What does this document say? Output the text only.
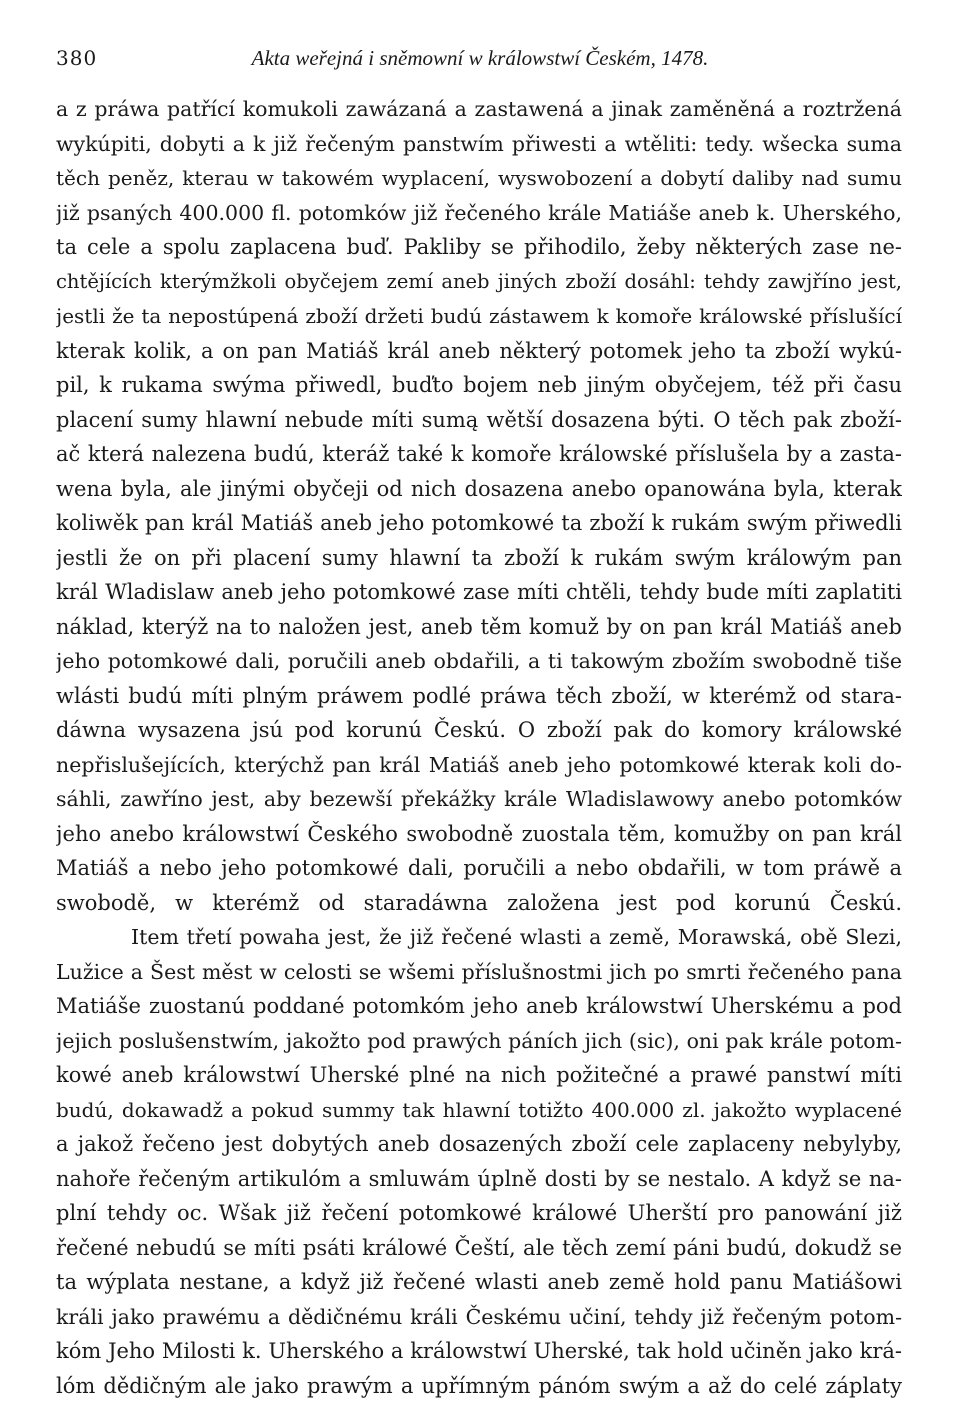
380	Akta weřejná i sněmowní w králowstwí Českém, 1478.
a z práwa patřící komukoli zawázaná a zastawená a jinak zaměněná a roztržená
wykúpiti, dobyti a k již řečeným panstwím přiwesti a wtěliti: tedy. wšecka suma
těch peněz, kterau w takowém wyplacení, wyswobození a dobytí daliby nad sumu
již psaných 400.000 fl. potomków již řečeného krále Matiáše aneb k. Uherského,
ta cele a spolu zaplacena buď. Pakliby se přihodilo, žeby některých zase ne-
chtějících kterýmžkoli obyčejem zemí aneb jiných zboží dosáhl: tehdy zawjříno jest,
jestli že ta nepostúpená zboží držeti budú zástawem k komoře králowské příslušící
kterak kolik, a on pan Matiáš král aneb některý potomek jeho ta zboží wykú-
pil, k rukama swýma přiwedl, buďto bojem neb jiným obyčejem, též při času
placení sumy hlawní nebude míti sumą wětší dosazena býti. O těch pak zboží-
ač která nalezena budú, kteráž také k komoře králowské příslušela by a zasta-
wena byla, ale jinými obyčeji od nich dosazena anebo opanowána byla, kterak
koliwěk pan král Matiáš aneb jeho potomkowé ta zboží k rukám swým přiwedli
jestli že on při placení sumy hlawní ta zboží k rukám swým králowým pan
král Wladislaw aneb jeho potomkowé zase míti chtěli, tehdy bude míti zaplatiti
náklad, kterýž na to naložen jest, aneb těm komuž by on pan král Matiáš aneb
jeho potomkowé dali, poručili aneb obdařili, a ti takowým zbožím swobodně tiše
wlásti budú míti plným práwem podlé práwa těch zboží, w kterémž od stara-
dáwna wysazena jsú pod korunú Českú. O zboží pak do komory králowské
nepřislušejících, kterýchž pan král Matiáš aneb jeho potomkowé kterak koli do-
sáhli, zawříno jest, aby bezewší překážky krále Wladislawowy anebo potomków
jeho anebo králowstwí Českého swobodně zuostala těm, komužby on pan král
Matiáš a nebo jeho potomkowé dali, poručili a nebo obdařili, w tom práwě a
swobodě, w kterémž od staradáwna založena jest pod korunú Českú.
Item třetí powaha jest, že již řečené wlasti a země, Morawská, obě Slezi,
Lužice a Šest měst w celosti se wšemi příslušnostmi jich po smrti řečeného pana
Matiáše zuostanú poddané potomkóm jeho aneb králowstwí Uherskému a pod
jejich poslušenstwím, jakožto pod prawých páních jich (sic), oni pak krále potom-
kowé aneb králowstwí Uherské plné na nich požitečné a prawé panstwí míti
budú, dokawadž a pokud summy tak hlawní totižto 400.000 zl. jakožto wyplacené
a jakož řečeno jest dobytých aneb dosazených zboží cele zaplaceny nebylyby,
nahoře řečeným artikulóm a smluwám úplně dosti by se nestalo. A když se na-
plní tehdy oc. Wšak již řečení potomkowé králowé Uherští pro panowání již
řečené nebudú se míti psáti králowé Čeští, ale těch zemí páni budú, dokudž se
ta wýplata nestane, a když již řečené wlasti aneb země hold panu Matiášowi
králi jako prawému a dědičnému králi Českému učiní, tehdy již řečeným potom-
kóm Jeho Milosti k. Uherského a králowstwí Uherské, tak hold učiněn jako krá-
lóm dědičným ale jako prawým a upřímným pánóm swým a až do celé záplaty
